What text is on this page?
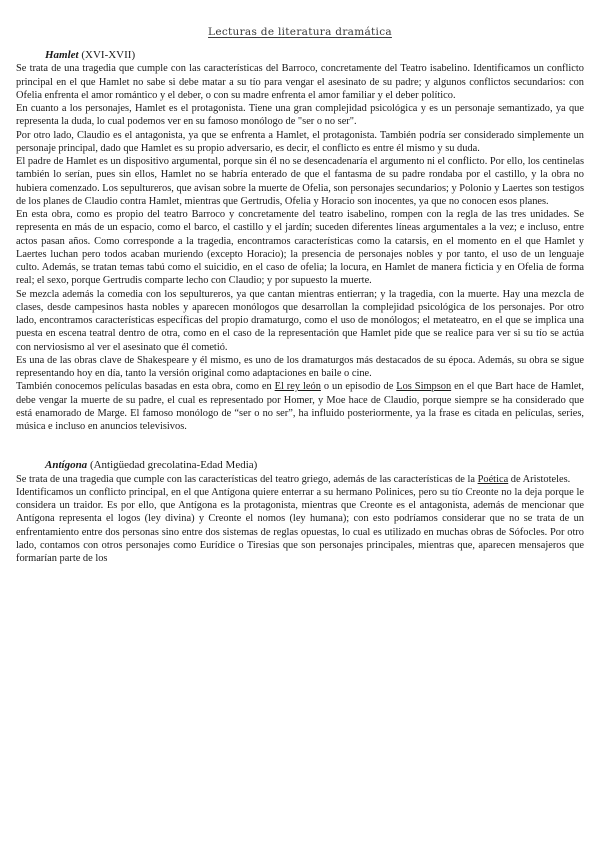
Lecturas de literatura dramática

Hamlet (XVI-XVII)

Se trata de una tragedia que cumple con las características del Barroco, concretamente del Teatro isabelino. Identificamos un conflicto principal en el que Hamlet no sabe si debe matar a su tío para vengar el asesinato de su padre; y algunos conflictos secundarios: con Ofelia enfrenta el amor romántico y el deber, o con su madre enfrenta el amor familiar y el deber político.

En cuanto a los personajes, Hamlet es el protagonista. Tiene una gran complejidad psicológica y es un personaje semantizado, ya que representa la duda, lo cual podemos ver en su famoso monólogo de "ser o no ser".

Por otro lado, Claudio es el antagonista, ya que se enfrenta a Hamlet, el protagonista. También podría ser considerado simplemente un personaje principal, dado que Hamlet es su propio adversario, es decir, el conflicto es entre él mismo y su duda.

El padre de Hamlet es un dispositivo argumental, porque sin él no se desencadenaría el argumento ni el conflicto. Por ello, los centinelas también lo serían, pues sin ellos, Hamlet no se habría enterado de que el fantasma de su padre rondaba por el castillo, y la obra no hubiera comenzado. Los sepultureros, que avisan sobre la muerte de Ofelia, son personajes secundarios; y Polonio y Laertes son testigos de los planes de Claudio contra Hamlet, mientras que Gertrudis, Ofelia y Horacio son inocentes, ya que no conocen esos planes.

En esta obra, como es propio del teatro Barroco y concretamente del teatro isabelino, rompen con la regla de las tres unidades. Se representa en más de un espacio, como el barco, el castillo y el jardín; suceden diferentes líneas argumentales a la vez; e incluso, entre actos pasan años. Como corresponde a la tragedia, encontramos características como la catarsis, en el momento en el que Hamlet y Laertes luchan pero todos acaban muriendo (excepto Horacio); la presencia de personajes nobles y por tanto, el uso de un lenguaje culto. Además, se tratan temas tabú como el suicidio, en el caso de ofelia; la locura, en Hamlet de manera ficticia y en Ofelia de forma real; el sexo, porque Gertrudis comparte lecho con Claudio; y por supuesto la muerte.

Se mezcla además la comedia con los sepultureros, ya que cantan mientras entierran; y la tragedia, con la muerte. Hay una mezcla de clases, desde campesinos hasta nobles y aparecen monólogos que desarrollan la complejidad psicológica de los personajes. Por otro lado, encontramos características específicas del propio dramaturgo, como el uso de monólogos; el metateatro, en el que se implica una puesta en escena teatral dentro de otra, como en el caso de la representación que Hamlet pide que se realice para ver si su tío se actúa con nerviosismo al ver el asesinato que él cometió.

Es una de las obras clave de Shakespeare y él mismo, es uno de los dramaturgos más destacados de su época. Además, su obra se sigue representando hoy en día, tanto la versión original como adaptaciones en baile o cine.

También conocemos películas basadas en esta obra, como en El rey león o un episodio de Los Simpson en el que Bart hace de Hamlet, debe vengar la muerte de su padre, el cual es representado por Homer, y Moe hace de Claudio, porque siempre se ha considerado que está enamorado de Marge. El famoso monólogo de “ser o no ser”, ha influido posteriormente, ya la frase es citada en películas, series, música e incluso en anuncios televisivos.

Antígona (Antigüedad grecolatina-Edad Media)

Se trata de una tragedia que cumple con las características del teatro griego, además de las características de la Poética de Aristoteles.

Identificamos un conflicto principal, en el que Antígona quiere enterrar a su hermano Polinices, pero su tío Creonte no la deja porque le considera un traidor. Es por ello, que Antígona es la protagonista, mientras que Creonte es el antagonista, además de mencionar que Antígona representa el logos (ley divina) y Creonte el nomos (ley humana); con esto podríamos considerar que no se trata de un enfrentamiento entre dos personas sino entre dos sistemas de reglas opuestas, lo cual es utilizado en muchas obras de Sófocles. Por otro lado, contamos con otros personajes como Eurídice o Tiresias que son personajes principales, mientras que, aparecen mensajeros que formarían parte de los
